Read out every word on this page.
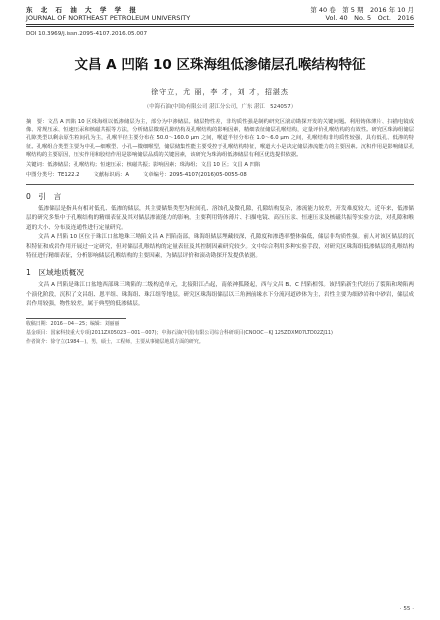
东 北 石 油 大 学 学 报
JOURNAL OF NORTHEAST PETROLEUM UNIVERSITY
第 40 卷　第 5 期　2016 年 10 月
Vol. 40　No. 5　Oct.　2016
DOI 10.3969/j.issn.2095-4107.2016.05.007
文昌 A 凹陷 10 区珠海组低渗储层孔喉结构特征
徐守立，尤 丽，李 才，刘 才，招湛杰
（中海石油(中国)有限公司 湛江分公司，广东 湛江　524057）
摘　要：文昌 A 凹陷 10 区珠海组以低渗储层为主，部分为中渗储层。储层物性差，非均质性强是制约研究区滚动勘探开发的关键问题。利用铸体薄片、扫描电镜成像、常规压汞、恒速压汞和核磁共振等方法，分析储层微观孔隙结构及孔喉结构的影响因素，精细表征储层孔喉结构，定量评价孔喉结构的有效性。研究区珠海组储层孔隙类型以剩余原生粒间孔为主，孔喉半径主要分布在 50.0～160.0 μm 之间，喉道半径分布在 1.0～6.0 μm 之间，孔喉结构非均质性较强，具有低孔、低渗的特征。孔喉组合类型主要为中孔—细喉型、小孔—微细喉型，储层储集性能主要受控于孔喉结构特征，喉道大小是决定储层渗流能力的主要因素。沉积作用是影响储层孔喉结构的主要原因，压实作用和胶结作用是影响储层品质的关键因素，该研究为珠海组低渗储层有利区优选提供依据。
关键词：低渗储层；孔喉结构；恒速压汞；核磁共振；影响因素；珠海组；文昌 10 区；文昌 A 凹陷
中图分类号：TE122.2	文献标识码：A	文章编号：2095-4107(2016)05-0055-08
0　引　言
低渗储层是指具有相对低孔、低渗的储层，其主要储集类型为粒间孔、溶蚀孔及微孔隙，孔隙结构复杂，渗流能力较差，开发难度较大。近年来，低渗储层的研究多集中于孔喉结构的精细表征及其对储层渗流能力的影响，主要利用铸体薄片、扫描电镜、高压压汞、恒速压汞及核磁共振等实验方法，对孔隙和喉道的大小、分布及连通性进行定量研究。
文昌 A 凹陷 10 区位于珠江口盆地珠三坳陷文昌 A 凹陷南部，珠海组储层埋藏较深，孔隙度和渗透率整体偏低，储层非均质性强。前人对该区储层的沉积特征和成岩作用开展过一定研究，但对储层孔喉结构的定量表征及其控制因素研究较少。文中综合利用多种实验手段，对研究区珠海组低渗储层的孔喉结构特征进行精细表征，分析影响储层孔喉结构的主要因素，为储层评价和滚动勘探开发提供依据。
1　区域地质概况
文昌 A 凹陷是珠江口盆地西部珠三坳陷的二级构造单元，北接阳江凸起，南依神狐隆起，西与文昌 B、C 凹陷相邻。该凹陷新生代经历了裂陷和坳陷两个演化阶段，沉积了文昌组、恩平组、珠海组、珠江组等地层。研究区珠海组储层以三角洲前缘水下分流河道砂体为主，岩性主要为细砂岩和中砂岩，储层成岩作用较强，物性较差，属于典型的低渗储层。
收稿日期：2016－04－25；编辑：刘丽丽
基金项目：国家科技重大专项(2011ZX05023－001－007)；中海石油(中国)有限公司综合科研项目(CNOOC－KJ 125ZDXM07LTD02ZJ11)
作者简介：徐守立(1984－)，男，硕士，工程师，主要从事储层地质方面的研究。
· 55 ·
